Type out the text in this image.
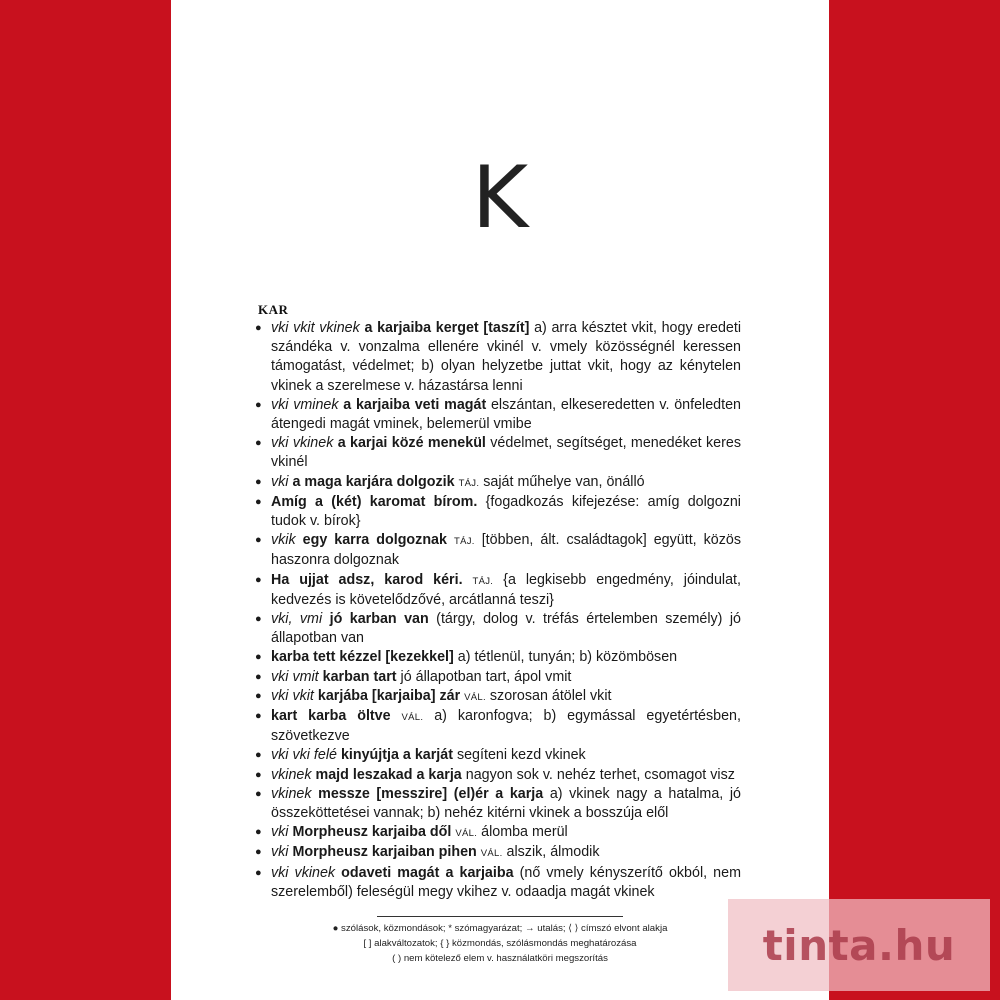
K
KAR
● vki vkit vkinek a karjaiba kerget [taszít] a) arra késztet vkit, hogy eredeti szándéka v. vonzalma ellenére vkinél v. vmely közösségnél keressen támogatást, védelmet; b) olyan helyzetbe juttat vkit, hogy az kénytelen vkinek a szerelmese v. házastársa lenni
● vki vminek a karjaiba veti magát elszántan, elkeseredetten v. önfeledten átengedi magát vminek, belemerül vmibe
● vki vkinek a karjai közé menekül védelmet, segítséget, menedéket keres vkinél
● vki a maga karjára dolgozik TÁJ. saját műhelye van, önálló
● Amíg a (két) karomat bírom. {fogadkozás kifejezése: amíg dolgozni tudok v. bírok}
● vkik egy karra dolgoznak TÁJ. [többen, ált. családtagok] együtt, közös haszonra dolgoznak
● Ha ujjat adsz, karod kéri. TÁJ. {a legkisebb engedmény, jóindulat, kedvezés is követelődzővé, arcátlanná teszi}
● vki, vmi jó karban van (tárgy, dolog v. tréfás értelemben személy) jó állapotban van
● karba tett kézzel [kezekkel] a) tétlenül, tunyán; b) közömbösen
● vki vmit karban tart jó állapotban tart, ápol vmit
● vki vkit karjába [karjaiba] zár VÁL. szorosan átölel vkit
● kart karba öltve VÁL. a) karonfogva; b) egymással egyetértésben, szövetkezve
● vki vki felé kinyújtja a karját segíteni kezd vkinek
● vkinek majd leszakad a karja nagyon sok v. nehéz terhet, csomagot visz
● vkinek messze [messzire] (el)ér a karja a) vkinek nagy a hatalma, jó összeköttetései vannak; b) nehéz kitérni vkinek a bosszúja elől
● vki Morpheusz karjaiba dől VÁL. álomba merül
● vki Morpheusz karjaiban pihen VÁL. alszik, álmodik
● vki vkinek odaveti magát a karjaiba (nő vmely kényszerítő okból, nem szerelemből) feleségül megy vkihez v. odaadja magát vkinek
● szólások, közmondások; * szómagyarázat; → utalás; ⟨ ⟩ címszó elvont alakja
[ ] alakváltozatok; { } közmondás, szólásmondás meghatározása
( ) nem kötelező elem v. használatköri megszorítás	tinta.hu
